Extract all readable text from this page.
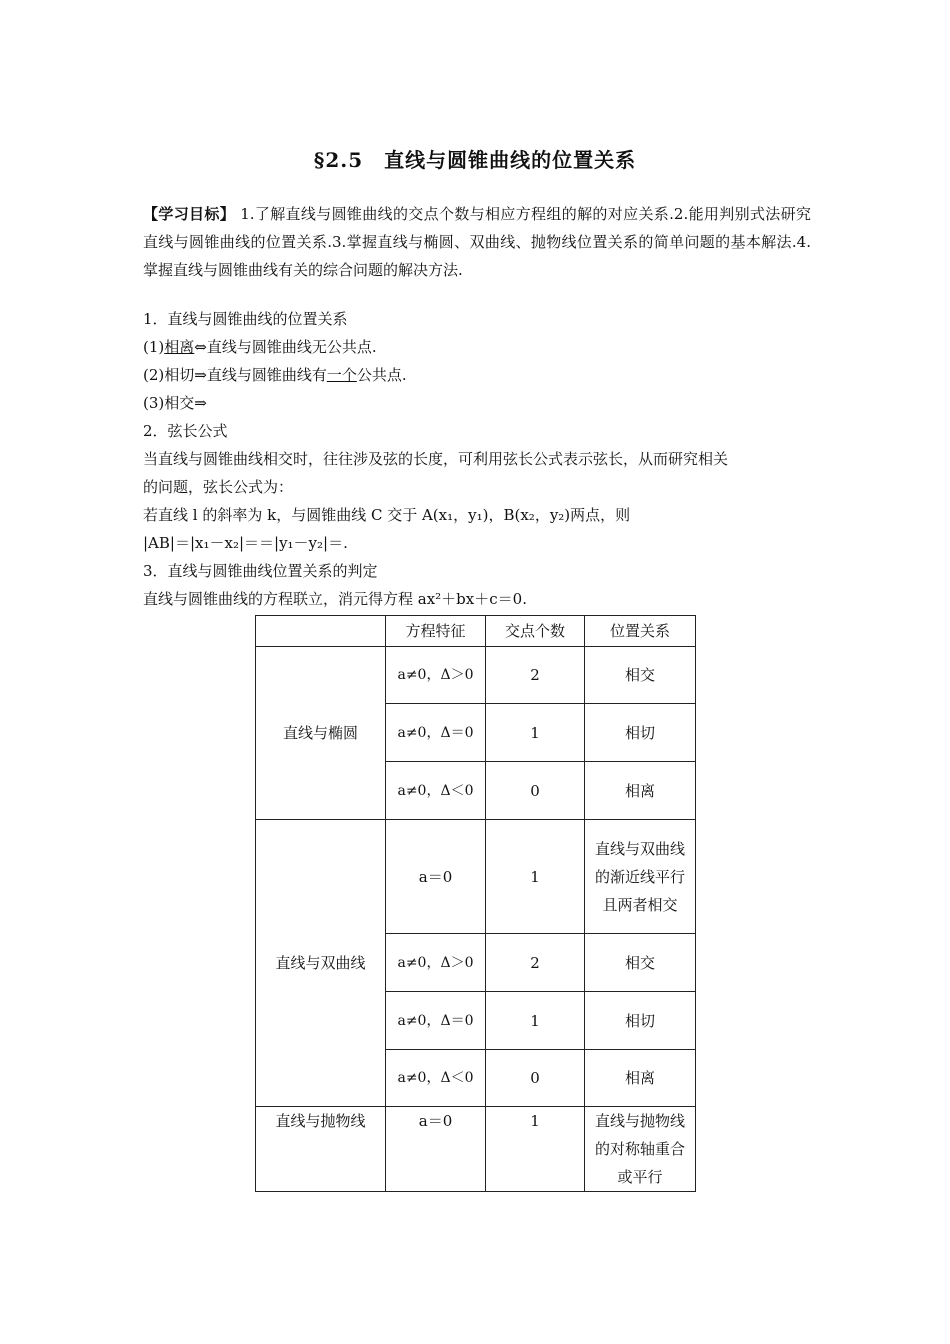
§2.5　直线与圆锥曲线的位置关系
【学习目标】 1.了解直线与圆锥曲线的交点个数与相应方程组的解的对应关系.2.能用判别式法研究直线与圆锥曲线的位置关系.3.掌握直线与椭圆、双曲线、抛物线位置关系的简单问题的基本解法.4.掌握直线与圆锥曲线有关的综合问题的解决方法.
1．直线与圆锥曲线的位置关系
(1)相离⇔直线与圆锥曲线无公共点.
(2)相切⇒直线与圆锥曲线有一个公共点.
(3)相交⇒
2．弦长公式
当直线与圆锥曲线相交时，往往涉及弦的长度，可利用弦长公式表示弦长，从而研究相关
的问题，弦长公式为：
若直线 l 的斜率为 k，与圆锥曲线 C 交于 A(x₁，y₁)，B(x₂，y₂)两点，则
|AB|＝|x₁－x₂|＝＝|y₁－y₂|＝.
3．直线与圆锥曲线位置关系的判定
直线与圆锥曲线的方程联立，消元得方程 ax²＋bx＋c＝0.
	方程特征	交点个数	位置关系
直线与椭圆	a≠0，Δ＞0	2	相交
	a≠0，Δ＝0	1	相切
	a≠0，Δ＜0	0	相离
直线与双曲线	a＝0	1	直线与双曲线的渐近线平行且两者相交
	a≠0，Δ＞0	2	相交
	a≠0，Δ＝0	1	相切
	a≠0，Δ＜0	0	相离
直线与抛物线	a＝0	1	直线与抛物线的对称轴重合或平行
